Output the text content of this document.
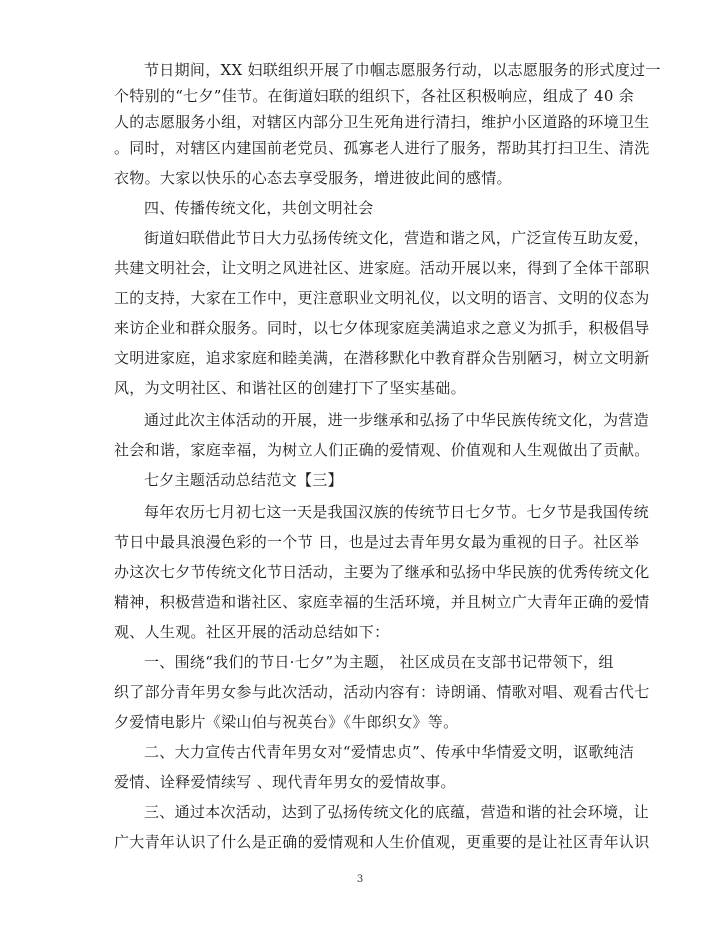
节日期间，XX 妇联组织开展了巾帼志愿服务行动，以志愿服务的形式度过一
个特别的“七夕”佳节。在街道妇联的组织下，各社区积极响应，组成了 40 余
人的志愿服务小组，对辖区内部分卫生死角进行清扫，维护小区道路的环境卫生
。同时，对辖区内建国前老党员、孤寡老人进行了服务，帮助其打扫卫生、清洗
衣物。大家以快乐的心态去享受服务，增进彼此间的感情。
四、传播传统文化，共创文明社会
街道妇联借此节日大力弘扬传统文化，营造和谐之风，广泛宣传互助友爱，
共建文明社会，让文明之风进社区、进家庭。活动开展以来，得到了全体干部职
工的支持，大家在工作中，更注意职业文明礼仪，以文明的语言、文明的仪态为
来访企业和群众服务。同时，以七夕体现家庭美满追求之意义为抓手，积极倡导
文明进家庭，追求家庭和睦美满，在潜移默化中教育群众告别陋习，树立文明新
风，为文明社区、和谐社区的创建打下了坚实基础。
通过此次主体活动的开展，进一步继承和弘扬了中华民族传统文化，为营造
社会和谐，家庭幸福，为树立人们正确的爱情观、价值观和人生观做出了贡献。
七夕主题活动总结范文【三】
每年农历七月初七这一天是我国汉族的传统节日七夕节。七夕节是我国传统
节日中最具浪漫色彩的一个节 日，也是过去青年男女最为重视的日子。社区举
办这次七夕节传统文化节日活动，主要为了继承和弘扬中华民族的优秀传统文化
精神，积极营造和谐社区、家庭幸福的生活环境，并且树立广大青年正确的爱情
观、人生观。社区开展的活动总结如下：
一、围绕“我们的节日·七夕”为主题， 社区成员在支部书记带领下，组
织了部分青年男女参与此次活动，活动内容有：诗朗诵、情歌对唱、观看古代七
夕爱情电影片《梁山伯与祝英台》《牛郎织女》等。
二、大力宣传古代青年男女对“爱情忠贞”、传承中华情爱文明，讴歌纯洁
爱情、诠释爱情续写 、现代青年男女的爱情故事。
三、通过本次活动，达到了弘扬传统文化的底蕴，营造和谐的社会环境，让
广大青年认识了什么是正确的爱情观和人生价值观，更重要的是让社区青年认识
3
